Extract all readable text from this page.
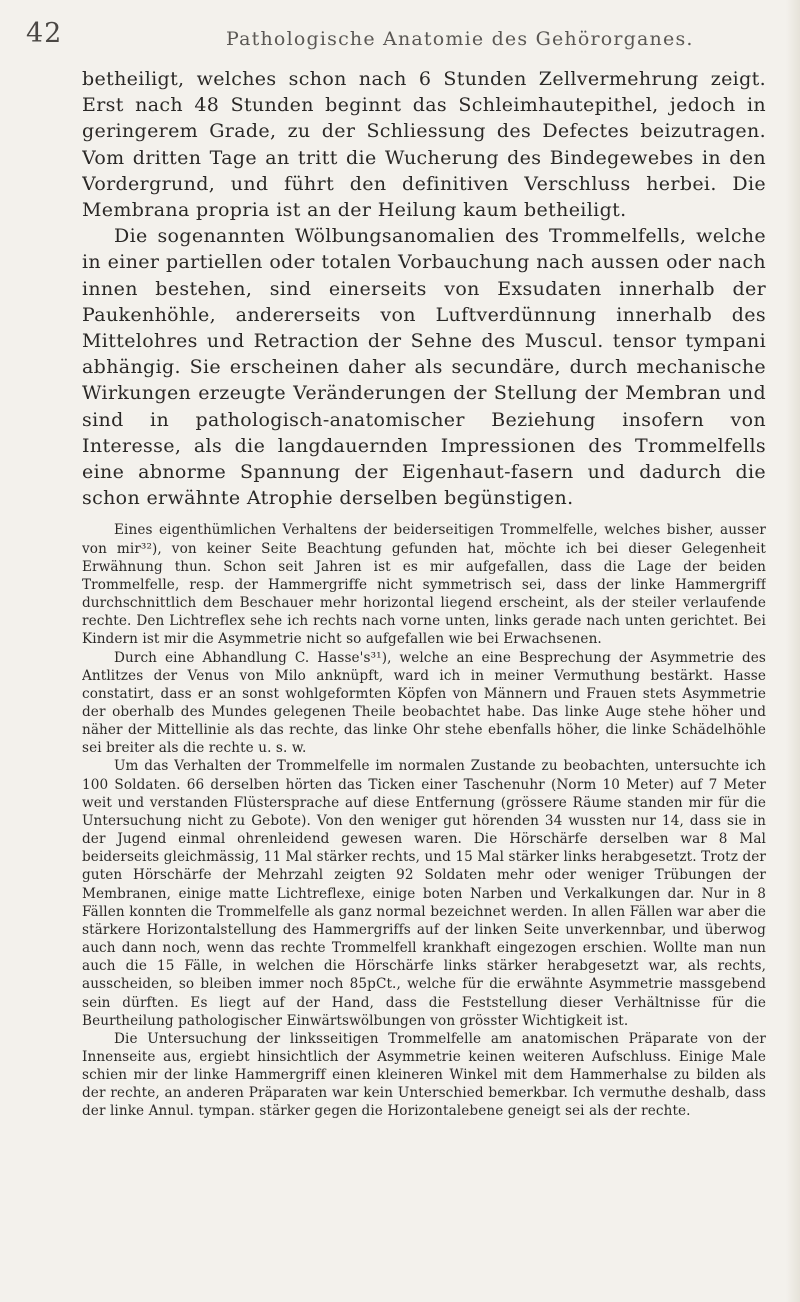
42	Pathologische Anatomie des Gehörorganes.

betheiligt, welches schon nach 6 Stunden Zellvermehrung zeigt. Erst nach 48 Stunden beginnt das Schleimhautepithel, jedoch in geringerem Grade, zu der Schliessung des Defectes beizutragen. Vom dritten Tage an tritt die Wucherung des Bindegewebes in den Vordergrund, und führt den definitiven Verschluss herbei. Die Membrana propria ist an der Heilung kaum betheiligt.

Die sogenannten Wölbungsanomalien des Trommelfells, welche in einer partiellen oder totalen Vorbauchung nach aussen oder nach innen bestehen, sind einerseits von Exsudaten innerhalb der Paukenhöhle, andererseits von Luftverdünnung innerhalb des Mittelohres und Retraction der Sehne des Muscul. tensor tympani abhängig. Sie erscheinen daher als secundäre, durch mechanische Wirkungen erzeugte Veränderungen der Stellung der Membran und sind in pathologisch-anatomischer Beziehung insofern von Interesse, als die langdauernden Impressionen des Trommelfells eine abnorme Spannung der Eigenhaut-fasern und dadurch die schon erwähnte Atrophie derselben begünstigen.

Eines eigenthümlichen Verhaltens der beiderseitigen Trommelfelle, welches bisher, ausser von mir³²), von keiner Seite Beachtung gefunden hat, möchte ich bei dieser Gelegenheit Erwähnung thun. Schon seit Jahren ist es mir aufgefallen, dass die Lage der beiden Trommelfelle, resp. der Hammergriffe nicht symmetrisch sei, dass der linke Hammergriff durchschnittlich dem Beschauer mehr horizontal liegend erscheint, als der steiler verlaufende rechte. Den Lichtreflex sehe ich rechts nach vorne unten, links gerade nach unten gerichtet. Bei Kindern ist mir die Asymmetrie nicht so aufgefallen wie bei Erwachsenen.

Durch eine Abhandlung C. Hasse's³¹), welche an eine Besprechung der Asymmetrie des Antlitzes der Venus von Milo anknüpft, ward ich in meiner Vermuthung bestärkt. Hasse constatirt, dass er an sonst wohlgeformten Köpfen von Männern und Frauen stets Asymmetrie der oberhalb des Mundes gelegenen Theile beobachtet habe. Das linke Auge stehe höher und näher der Mittellinie als das rechte, das linke Ohr stehe ebenfalls höher, die linke Schädelhöhle sei breiter als die rechte u. s. w.

Um das Verhalten der Trommelfelle im normalen Zustande zu beobachten, untersuchte ich 100 Soldaten. 66 derselben hörten das Ticken einer Taschenuhr (Norm 10 Meter) auf 7 Meter weit und verstanden Flüstersprache auf diese Entfernung (grössere Räume standen mir für die Untersuchung nicht zu Gebote). Von den weniger gut hörenden 34 wussten nur 14, dass sie in der Jugend einmal ohrenleidend gewesen waren. Die Hörschärfe derselben war 8 Mal beiderseits gleichmässig, 11 Mal stärker rechts, und 15 Mal stärker links herabgesetzt. Trotz der guten Hörschärfe der Mehrzahl zeigten 92 Soldaten mehr oder weniger Trübungen der Membranen, einige matte Lichtreflexe, einige boten Narben und Verkalkungen dar. Nur in 8 Fällen konnten die Trommelfelle als ganz normal bezeichnet werden. In allen Fällen war aber die stärkere Horizontalstellung des Hammergriffs auf der linken Seite unverkennbar, und überwog auch dann noch, wenn das rechte Trommelfell krankhaft eingezogen erschien. Wollte man nun auch die 15 Fälle, in welchen die Hörschärfe links stärker herabgesetzt war, als rechts, ausscheiden, so bleiben immer noch 85pCt., welche für die erwähnte Asymmetrie massgebend sein dürften. Es liegt auf der Hand, dass die Feststellung dieser Verhältnisse für die Beurtheilung pathologischer Einwärtswölbungen von grösster Wichtigkeit ist.

Die Untersuchung der linksseitigen Trommelfelle am anatomischen Präparate von der Innenseite aus, ergiebt hinsichtlich der Asymmetrie keinen weiteren Aufschluss. Einige Male schien mir der linke Hammergriff einen kleineren Winkel mit dem Hammerhalse zu bilden als der rechte, an anderen Präparaten war kein Unterschied bemerkbar. Ich vermuthe deshalb, dass der linke Annul. tympan. stärker gegen die Horizontalebene geneigt sei als der rechte.
